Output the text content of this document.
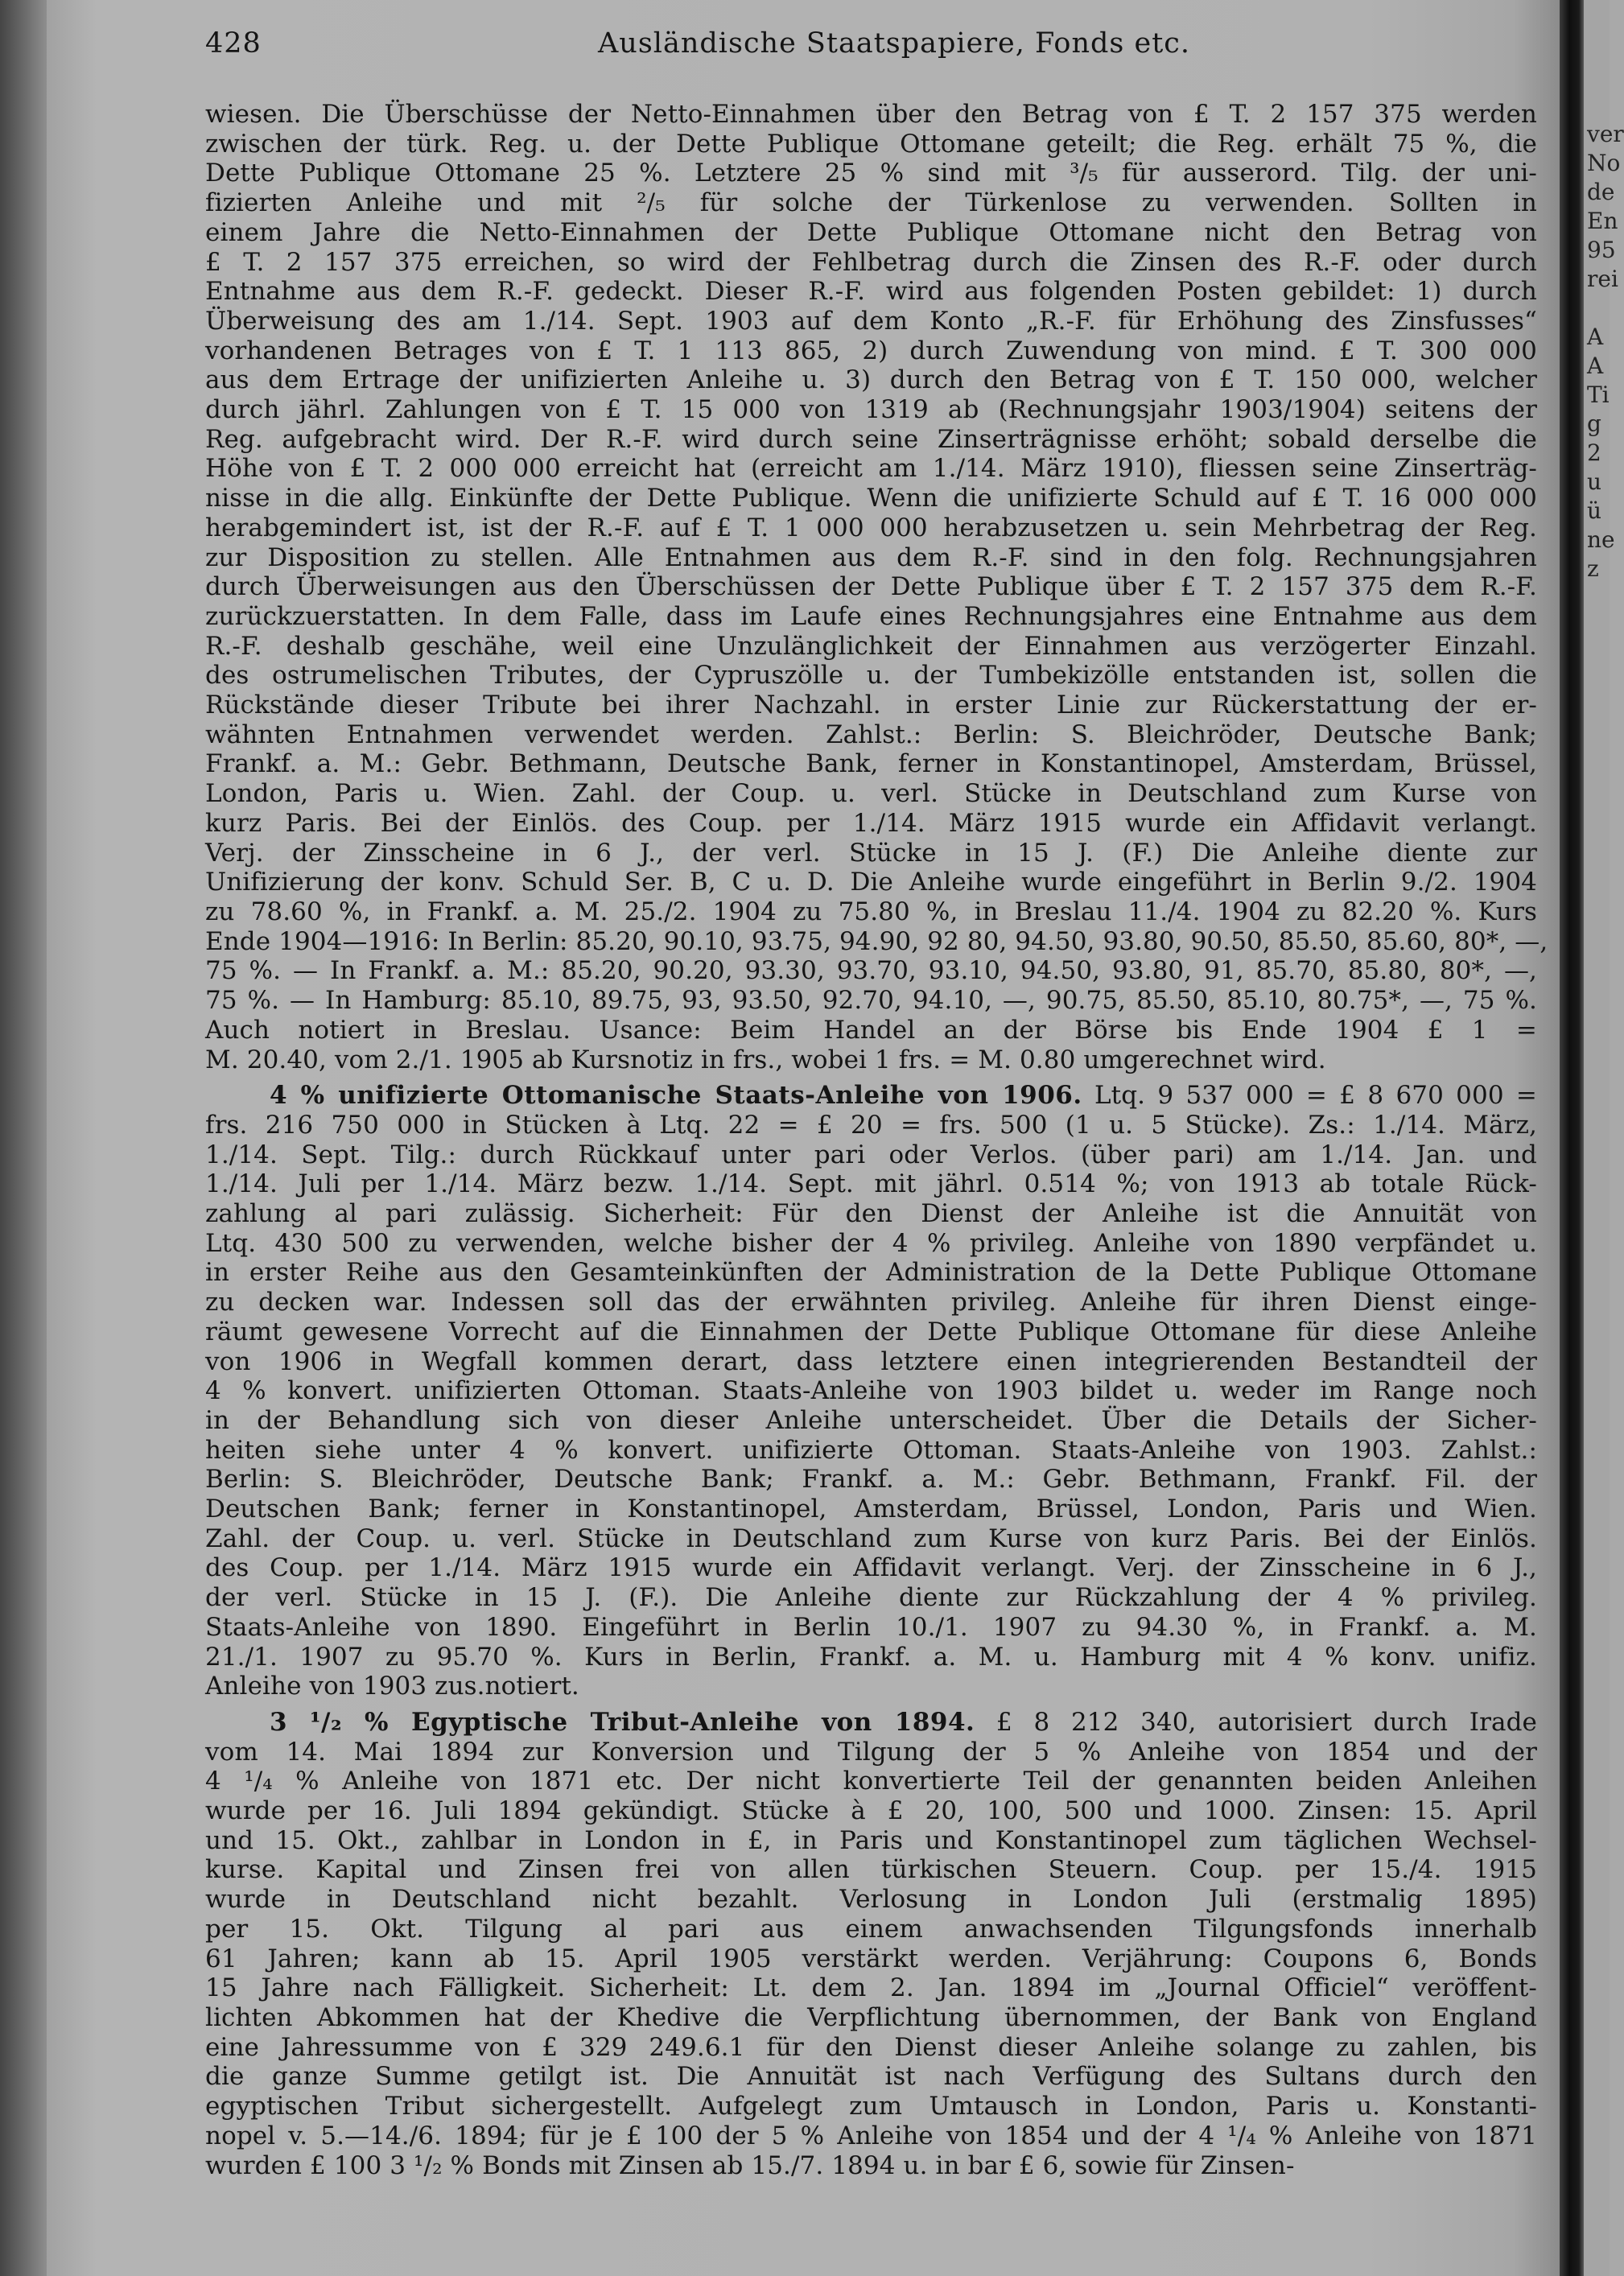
ver
No
de
En
95
rei

A
A
Ti
g
2
u
ü
ne
z
428	Ausländische Staatspapiere, Fonds etc.

wiesen. Die Überschüsse der Netto-Einnahmen über den Betrag von £ T. 2 157 375 werden

zwischen der türk. Reg. u. der Dette Publique Ottomane geteilt; die Reg. erhält 75 %, die

Dette Publique Ottomane 25 %. Letztere 25 % sind mit ³/₅ für ausserord. Tilg. der uni-

fizierten Anleihe und mit ²/₅ für solche der Türkenlose zu verwenden. Sollten in

einem Jahre die Netto-Einnahmen der Dette Publique Ottomane nicht den Betrag von

£ T. 2 157 375 erreichen, so wird der Fehlbetrag durch die Zinsen des R.-F. oder durch

Entnahme aus dem R.-F. gedeckt. Dieser R.-F. wird aus folgenden Posten gebildet: 1) durch

Überweisung des am 1./14. Sept. 1903 auf dem Konto „R.-F. für Erhöhung des Zinsfusses“

vorhandenen Betrages von £ T. 1 113 865, 2) durch Zuwendung von mind. £ T. 300 000

aus dem Ertrage der unifizierten Anleihe u. 3) durch den Betrag von £ T. 150 000, welcher

durch jährl. Zahlungen von £ T. 15 000 von 1319 ab (Rechnungsjahr 1903/1904) seitens der

Reg. aufgebracht wird. Der R.-F. wird durch seine Zinserträgnisse erhöht; sobald derselbe die

Höhe von £ T. 2 000 000 erreicht hat (erreicht am 1./14. März 1910), fliessen seine Zinserträg-

nisse in die allg. Einkünfte der Dette Publique. Wenn die unifizierte Schuld auf £ T. 16 000 000

herabgemindert ist, ist der R.-F. auf £ T. 1 000 000 herabzusetzen u. sein Mehrbetrag der Reg.

zur Disposition zu stellen. Alle Entnahmen aus dem R.-F. sind in den folg. Rechnungsjahren

durch Überweisungen aus den Überschüssen der Dette Publique über £ T. 2 157 375 dem R.-F.

zurückzuerstatten. In dem Falle, dass im Laufe eines Rechnungsjahres eine Entnahme aus dem

R.-F. deshalb geschähe, weil eine Unzulänglichkeit der Einnahmen aus verzögerter Einzahl.

des ostrumelischen Tributes, der Cypruszölle u. der Tumbekizölle entstanden ist, sollen die

Rückstände dieser Tribute bei ihrer Nachzahl. in erster Linie zur Rückerstattung der er-

wähnten Entnahmen verwendet werden. Zahlst.: Berlin: S. Bleichröder, Deutsche Bank;

Frankf. a. M.: Gebr. Bethmann, Deutsche Bank, ferner in Konstantinopel, Amsterdam, Brüssel,

London, Paris u. Wien. Zahl. der Coup. u. verl. Stücke in Deutschland zum Kurse von

kurz Paris. Bei der Einlös. des Coup. per 1./14. März 1915 wurde ein Affidavit verlangt.

Verj. der Zinsscheine in 6 J., der verl. Stücke in 15 J. (F.) Die Anleihe diente zur

Unifizierung der konv. Schuld Ser. B, C u. D. Die Anleihe wurde eingeführt in Berlin 9./2. 1904

zu 78.60 %, in Frankf. a. M. 25./2. 1904 zu 75.80 %, in Breslau 11./4. 1904 zu 82.20 %. Kurs

Ende 1904—1916: In Berlin: 85.20, 90.10, 93.75, 94.90, 92 80, 94.50, 93.80, 90.50, 85.50, 85.60, 80*, —,

75 %. — In Frankf. a. M.: 85.20, 90.20, 93.30, 93.70, 93.10, 94.50, 93.80, 91, 85.70, 85.80, 80*, —,

75 %. — In Hamburg: 85.10, 89.75, 93, 93.50, 92.70, 94.10, —, 90.75, 85.50, 85.10, 80.75*, —, 75 %.

Auch notiert in Breslau. Usance: Beim Handel an der Börse bis Ende 1904 £ 1 =

M. 20.40, vom 2./1. 1905 ab Kursnotiz in frs., wobei 1 frs. = M. 0.80 umgerechnet wird.

4 % unifizierte Ottomanische Staats-Anleihe von 1906. Ltq. 9 537 000 = £ 8 670 000 =

frs. 216 750 000 in Stücken à Ltq. 22 = £ 20 = frs. 500 (1 u. 5 Stücke). Zs.: 1./14. März,

1./14. Sept. Tilg.: durch Rückkauf unter pari oder Verlos. (über pari) am 1./14. Jan. und

1./14. Juli per 1./14. März bezw. 1./14. Sept. mit jährl. 0.514 %; von 1913 ab totale Rück-

zahlung al pari zulässig. Sicherheit: Für den Dienst der Anleihe ist die Annuität von

Ltq. 430 500 zu verwenden, welche bisher der 4 % privileg. Anleihe von 1890 verpfändet u.

in erster Reihe aus den Gesamteinkünften der Administration de la Dette Publique Ottomane

zu decken war. Indessen soll das der erwähnten privileg. Anleihe für ihren Dienst einge-

räumt gewesene Vorrecht auf die Einnahmen der Dette Publique Ottomane für diese Anleihe

von 1906 in Wegfall kommen derart, dass letztere einen integrierenden Bestandteil der

4 % konvert. unifizierten Ottoman. Staats-Anleihe von 1903 bildet u. weder im Range noch

in der Behandlung sich von dieser Anleihe unterscheidet. Über die Details der Sicher-

heiten siehe unter 4 % konvert. unifizierte Ottoman. Staats-Anleihe von 1903. Zahlst.:

Berlin: S. Bleichröder, Deutsche Bank; Frankf. a. M.: Gebr. Bethmann, Frankf. Fil. der

Deutschen Bank; ferner in Konstantinopel, Amsterdam, Brüssel, London, Paris und Wien.

Zahl. der Coup. u. verl. Stücke in Deutschland zum Kurse von kurz Paris. Bei der Einlös.

des Coup. per 1./14. März 1915 wurde ein Affidavit verlangt. Verj. der Zinsscheine in 6 J.,

der verl. Stücke in 15 J. (F.). Die Anleihe diente zur Rückzahlung der 4 % privileg.

Staats-Anleihe von 1890. Eingeführt in Berlin 10./1. 1907 zu 94.30 %, in Frankf. a. M.

21./1. 1907 zu 95.70 %. Kurs in Berlin, Frankf. a. M. u. Hamburg mit 4 % konv. unifiz.

Anleihe von 1903 zus.notiert.

3 ¹/₂ % Egyptische Tribut-Anleihe von 1894. £ 8 212 340, autorisiert durch Irade

vom 14. Mai 1894 zur Konversion und Tilgung der 5 % Anleihe von 1854 und der

4 ¹/₄ % Anleihe von 1871 etc. Der nicht konvertierte Teil der genannten beiden Anleihen

wurde per 16. Juli 1894 gekündigt. Stücke à £ 20, 100, 500 und 1000. Zinsen: 15. April

und 15. Okt., zahlbar in London in £, in Paris und Konstantinopel zum täglichen Wechsel-

kurse. Kapital und Zinsen frei von allen türkischen Steuern. Coup. per 15./4. 1915

wurde in Deutschland nicht bezahlt. Verlosung in London Juli (erstmalig 1895)

per 15. Okt. Tilgung al pari aus einem anwachsenden Tilgungsfonds innerhalb

61 Jahren; kann ab 15. April 1905 verstärkt werden. Verjährung: Coupons 6, Bonds

15 Jahre nach Fälligkeit. Sicherheit: Lt. dem 2. Jan. 1894 im „Journal Officiel“ veröffent-

lichten Abkommen hat der Khedive die Verpflichtung übernommen, der Bank von England

eine Jahressumme von £ 329 249.6.1 für den Dienst dieser Anleihe solange zu zahlen, bis

die ganze Summe getilgt ist. Die Annuität ist nach Verfügung des Sultans durch den

egyptischen Tribut sichergestellt. Aufgelegt zum Umtausch in London, Paris u. Konstanti-

nopel v. 5.—14./6. 1894; für je £ 100 der 5 % Anleihe von 1854 und der 4 ¹/₄ % Anleihe von 1871

wurden £ 100 3 ¹/₂ % Bonds mit Zinsen ab 15./7. 1894 u. in bar £ 6, sowie für Zinsen-
